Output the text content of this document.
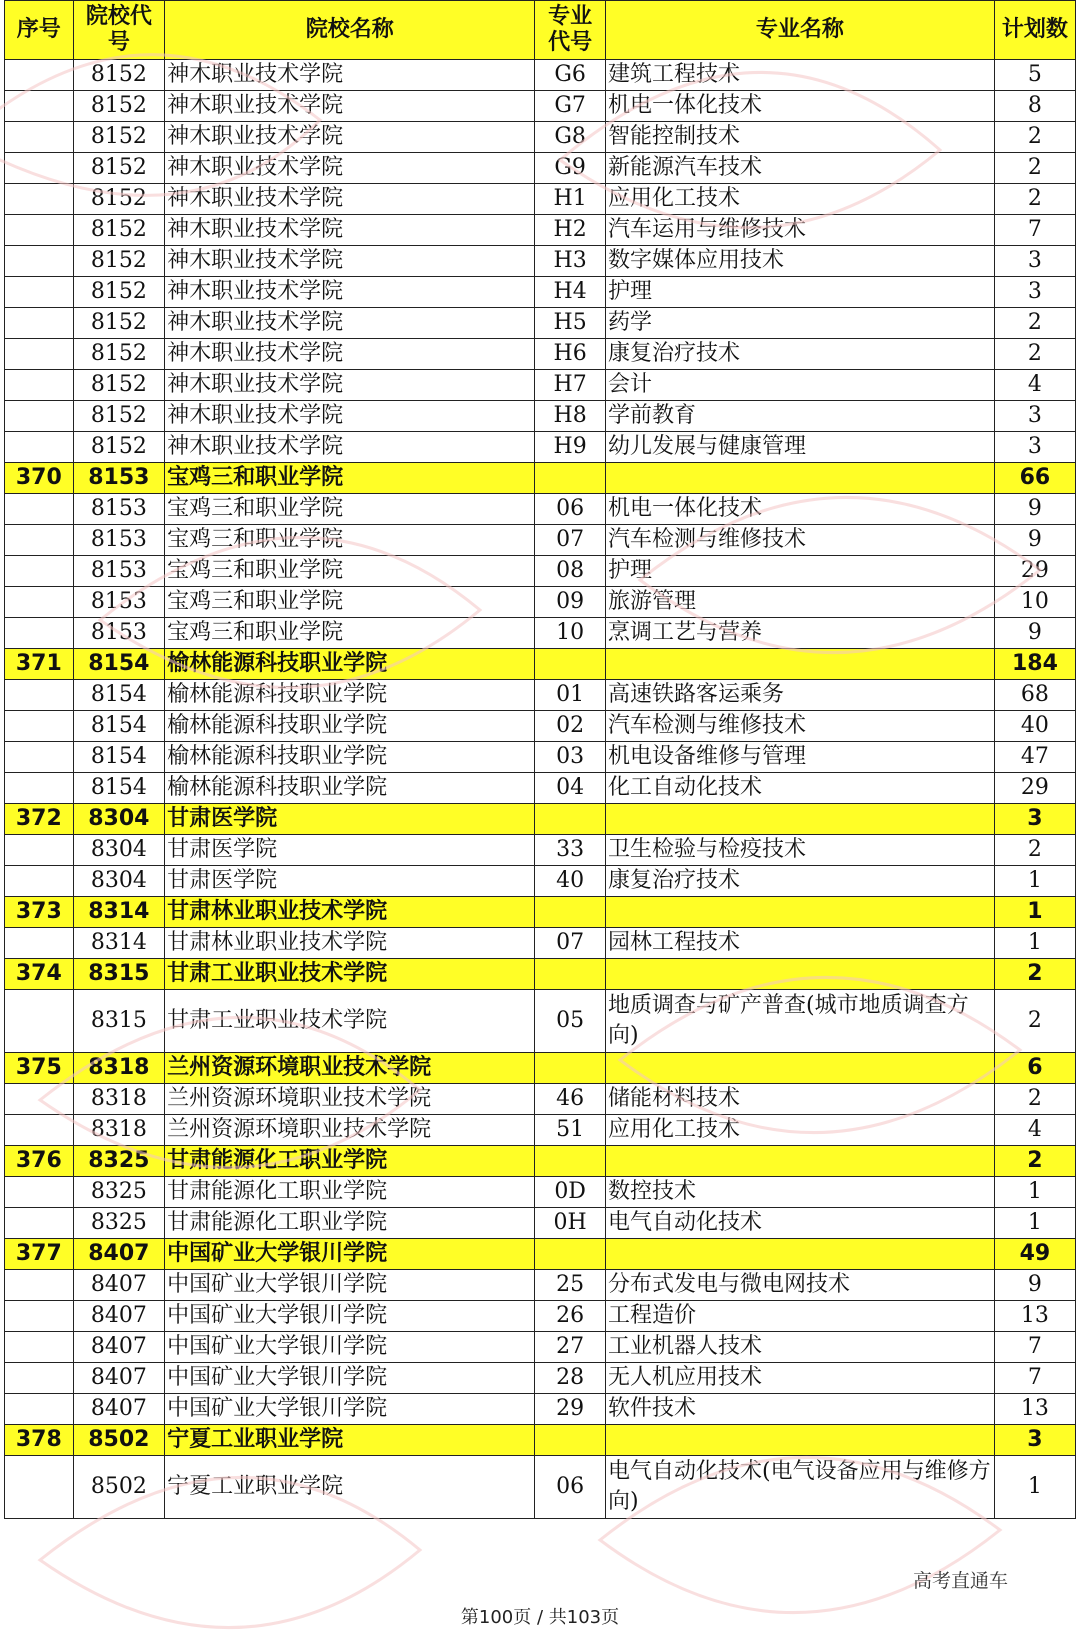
序号	院校代号	院校名称	专业代号	专业名称	计划数
	8152	神木职业技术学院	G6	建筑工程技术	5
	8152	神木职业技术学院	G7	机电一体化技术	8
	8152	神木职业技术学院	G8	智能控制技术	2
	8152	神木职业技术学院	G9	新能源汽车技术	2
	8152	神木职业技术学院	H1	应用化工技术	2
	8152	神木职业技术学院	H2	汽车运用与维修技术	7
	8152	神木职业技术学院	H3	数字媒体应用技术	3
	8152	神木职业技术学院	H4	护理	3
	8152	神木职业技术学院	H5	药学	2
	8152	神木职业技术学院	H6	康复治疗技术	2
	8152	神木职业技术学院	H7	会计	4
	8152	神木职业技术学院	H8	学前教育	3
	8152	神木职业技术学院	H9	幼儿发展与健康管理	3
370	8153	宝鸡三和职业学院			66
	8153	宝鸡三和职业学院	06	机电一体化技术	9
	8153	宝鸡三和职业学院	07	汽车检测与维修技术	9
	8153	宝鸡三和职业学院	08	护理	29
	8153	宝鸡三和职业学院	09	旅游管理	10
	8153	宝鸡三和职业学院	10	烹调工艺与营养	9
371	8154	榆林能源科技职业学院			184
	8154	榆林能源科技职业学院	01	高速铁路客运乘务	68
	8154	榆林能源科技职业学院	02	汽车检测与维修技术	40
	8154	榆林能源科技职业学院	03	机电设备维修与管理	47
	8154	榆林能源科技职业学院	04	化工自动化技术	29
372	8304	甘肃医学院			3
	8304	甘肃医学院	33	卫生检验与检疫技术	2
	8304	甘肃医学院	40	康复治疗技术	1
373	8314	甘肃林业职业技术学院			1
	8314	甘肃林业职业技术学院	07	园林工程技术	1
374	8315	甘肃工业职业技术学院			2
	8315	甘肃工业职业技术学院	05	地质调查与矿产普查(城市地质调查方向)	2
375	8318	兰州资源环境职业技术学院			6
	8318	兰州资源环境职业技术学院	46	储能材料技术	2
	8318	兰州资源环境职业技术学院	51	应用化工技术	4
376	8325	甘肃能源化工职业学院			2
	8325	甘肃能源化工职业学院	0D	数控技术	1
	8325	甘肃能源化工职业学院	0H	电气自动化技术	1
377	8407	中国矿业大学银川学院			49
	8407	中国矿业大学银川学院	25	分布式发电与微电网技术	9
	8407	中国矿业大学银川学院	26	工程造价	13
	8407	中国矿业大学银川学院	27	工业机器人技术	7
	8407	中国矿业大学银川学院	28	无人机应用技术	7
	8407	中国矿业大学银川学院	29	软件技术	13
378	8502	宁夏工业职业学院			3
	8502	宁夏工业职业学院	06	电气自动化技术(电气设备应用与维修方向)	1
高考直通车
第100页 / 共103页
